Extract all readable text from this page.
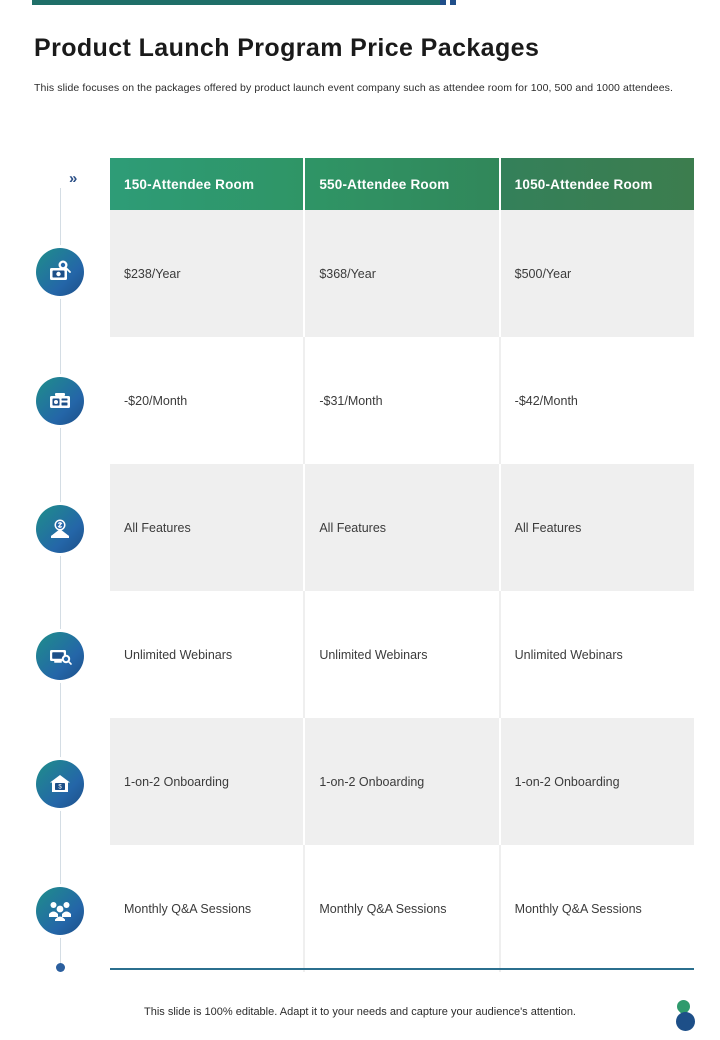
Product Launch Program Price Packages
This slide focuses on the packages offered by product launch event company such as attendee room for 100, 500 and 1000 attendees.
»
$
150-Attendee Room	550-Attendee Room	1050-Attendee Room
$238/Year	$368/Year	$500/Year
-$20/Month	-$31/Month	-$42/Month
All Features	All Features	All Features
Unlimited Webinars	Unlimited Webinars	Unlimited Webinars
1-on-2 Onboarding	1-on-2 Onboarding	1-on-2 Onboarding
Monthly Q&A Sessions	Monthly Q&A Sessions	Monthly Q&A Sessions
This slide is 100% editable. Adapt it to your needs and capture your audience's attention.
